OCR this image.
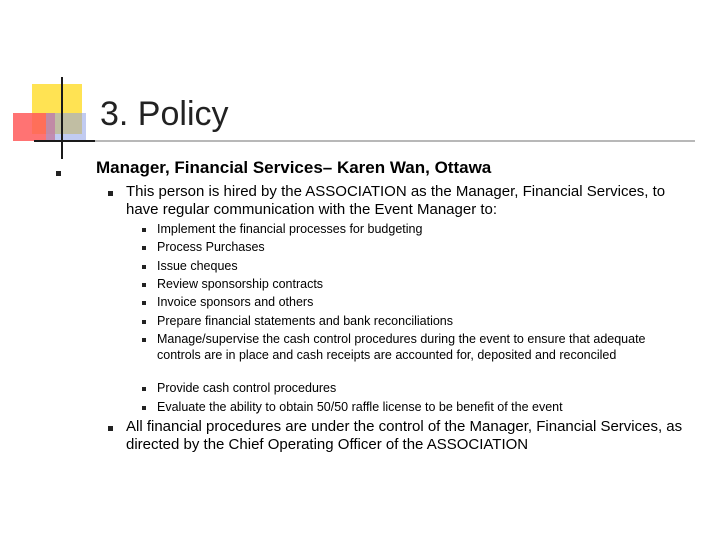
3. Policy
Manager, Financial Services– Karen Wan, Ottawa
This person is hired by the ASSOCIATION as the Manager, Financial Services, to have regular communication with the Event Manager to:
Implement the financial processes for budgeting
Process Purchases
Issue cheques
Review sponsorship contracts
Invoice sponsors and others
Prepare financial statements and bank reconciliations
Manage/supervise the cash control procedures during the event to ensure that adequate controls are in place and cash receipts are accounted for, deposited and reconciled
Provide cash control procedures
Evaluate the ability to obtain 50/50 raffle license to be benefit of the event
All financial procedures are under the control of the Manager, Financial Services, as directed by the Chief Operating Officer of the ASSOCIATION
